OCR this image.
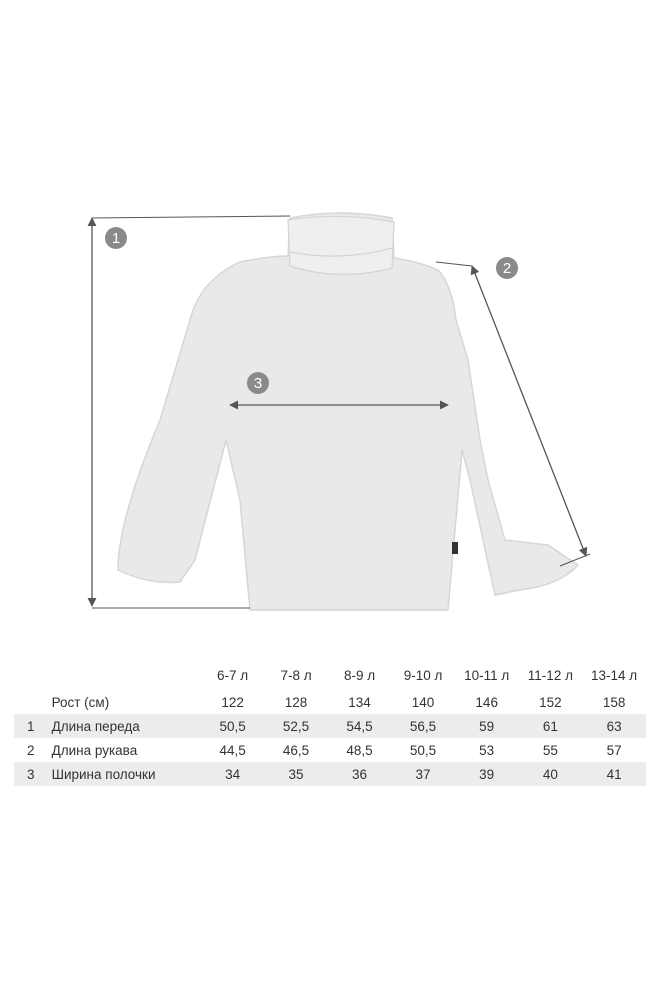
1
2
3
		6-7 л	7-8 л	8-9 л	9-10 л	10-11 л	11-12 л	13-14 л
	Рост (см)	122	128	134	140	146	152	158
1	Длина переда	50,5	52,5	54,5	56,5	59	61	63
2	Длина рукава	44,5	46,5	48,5	50,5	53	55	57
3	Ширина полочки	34	35	36	37	39	40	41
